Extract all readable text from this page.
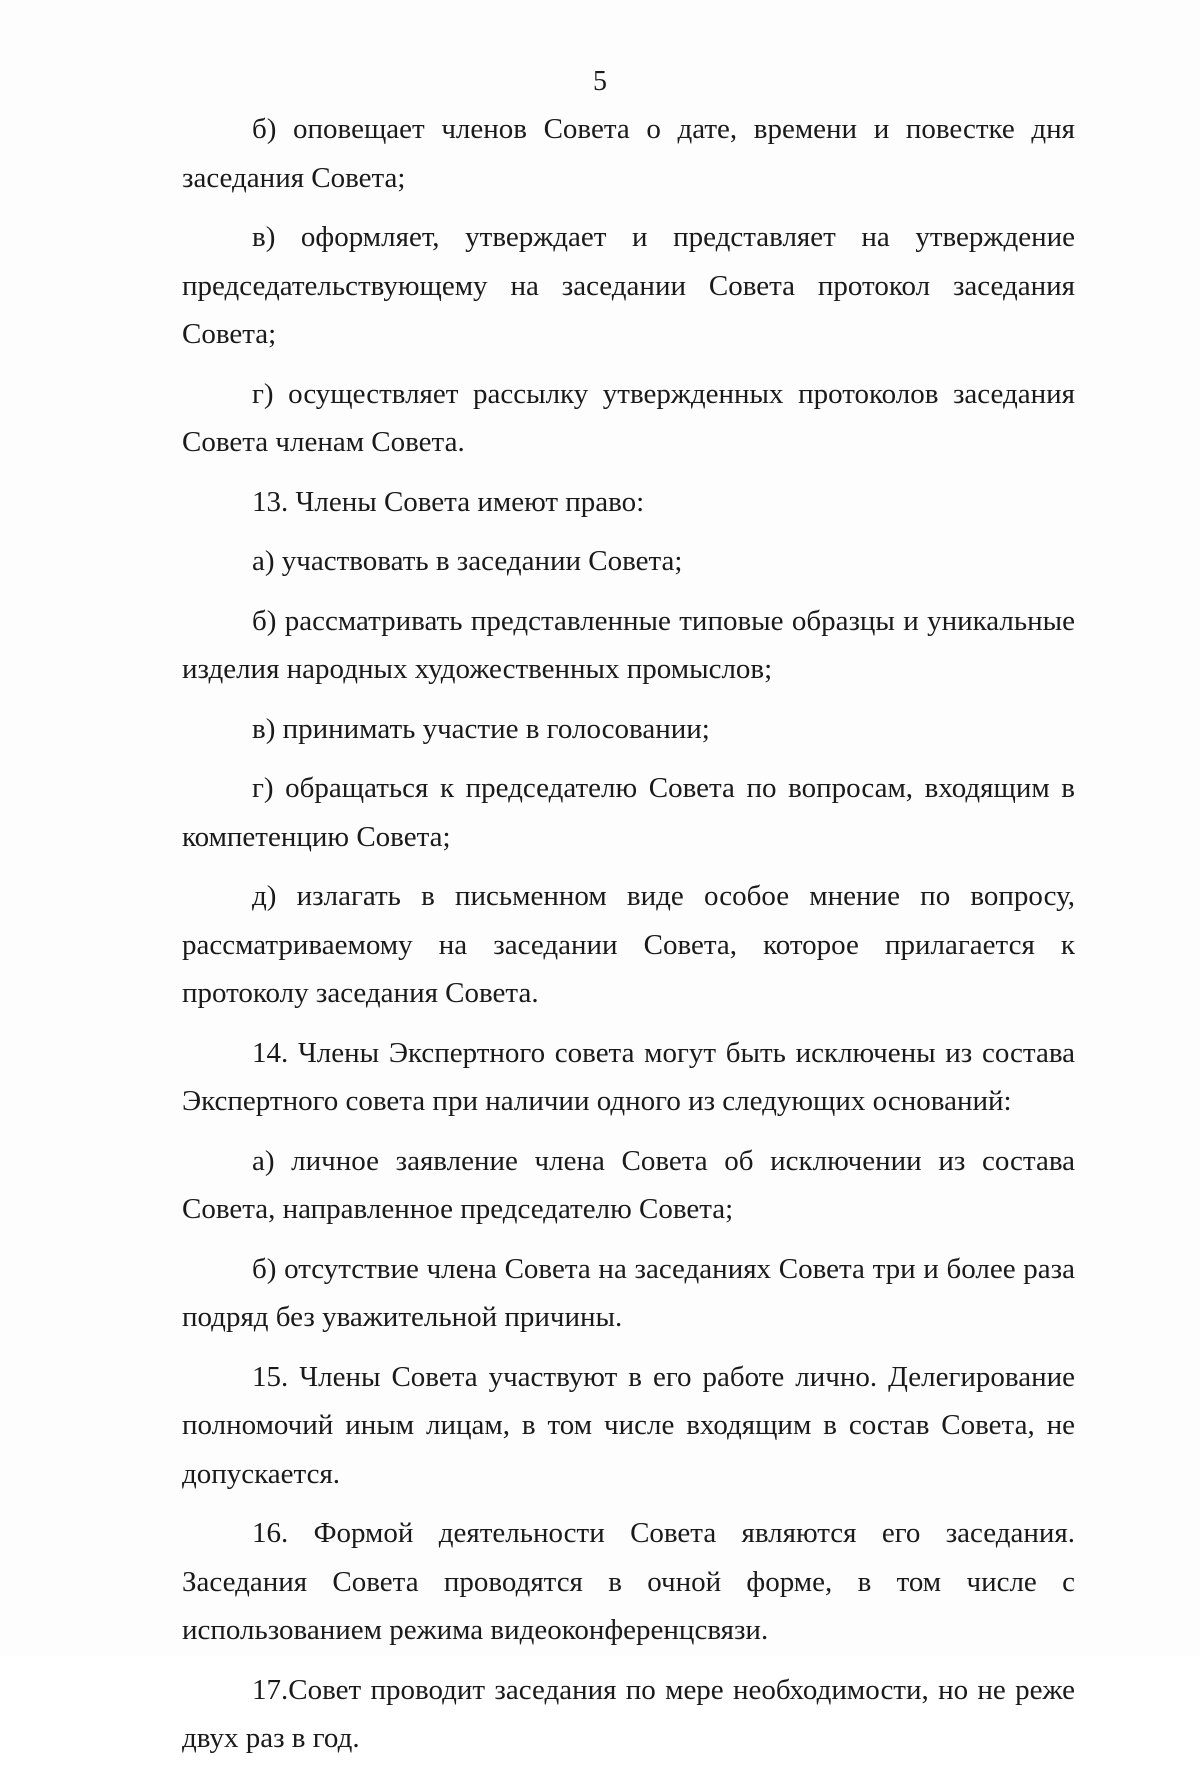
5

б) оповещает членов Совета о дате, времени и повестке дня заседания Совета;

в) оформляет, утверждает и представляет на утверждение председательствующему на заседании Совета протокол заседания Совета;

г) осуществляет рассылку утвержденных протоколов заседания Совета членам Совета.

13. Члены Совета имеют право:

а) участвовать в заседании Совета;

б) рассматривать представленные типовые образцы и уникальные изделия народных художественных промыслов;

в) принимать участие в голосовании;

г) обращаться к председателю Совета по вопросам, входящим в компетенцию Совета;

д) излагать в письменном виде особое мнение по вопросу, рассматриваемому на заседании Совета, которое прилагается к протоколу заседания Совета.

14. Члены Экспертного совета могут быть исключены из состава Экспертного совета при наличии одного из следующих оснований:

а) личное заявление члена Совета об исключении из состава Совета, направленное председателю Совета;

б) отсутствие члена Совета на заседаниях Совета три и более раза подряд без уважительной причины.

15. Члены Совета участвуют в его работе лично. Делегирование полномочий иным лицам, в том числе входящим в состав Совета, не допускается.

16. Формой деятельности Совета являются его заседания. Заседания Совета проводятся в очной форме, в том числе с использованием режима видеоконференцсвязи.

17.Совет проводит заседания по мере необходимости, но не реже двух раз в год.
